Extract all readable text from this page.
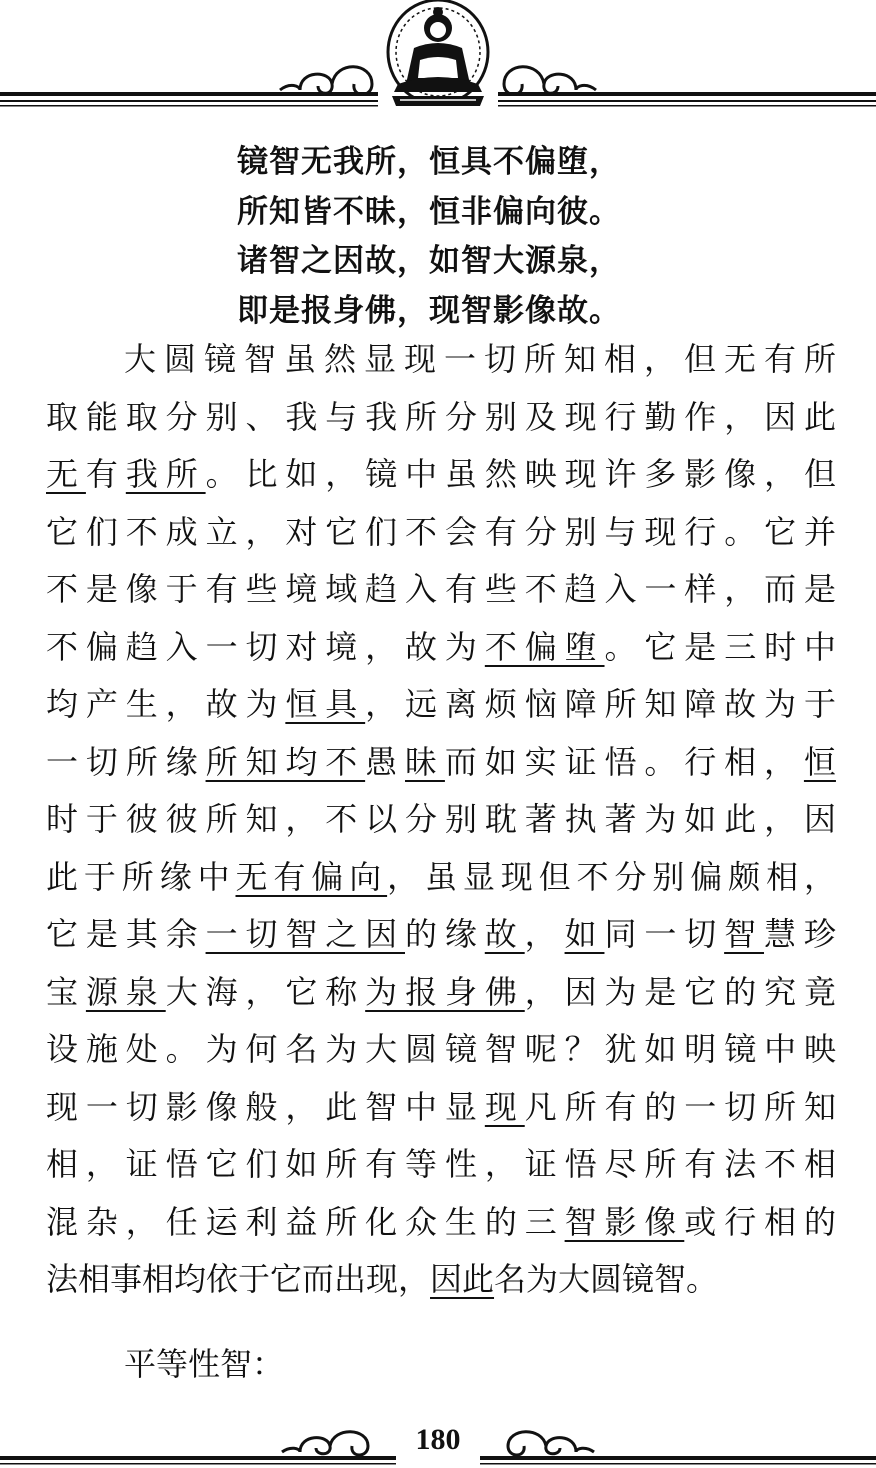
镜智无我所，恒具不偏堕，
所知皆不昧，恒非偏向彼。
诸智之因故，如智大源泉，
即是报身佛，现智影像故。
大圆镜智虽然显现一切所知相，但无有所
取能取分别、我与我所分别及现行勤作，因此
无有我所。比如，镜中虽然映现许多影像，但
它们不成立，对它们不会有分别与现行。它并
不是像于有些境域趋入有些不趋入一样，而是
不偏趋入一切对境，故为不偏堕。它是三时中
均产生，故为恒具，远离烦恼障所知障故为于
一切所缘所知均不愚昧而如实证悟。行相，恒
时于彼彼所知，不以分别耽著执著为如此，因
此于所缘中无有偏向，虽显现但不分别偏颇相，
它是其余一切智之因的缘故，如同一切智慧珍
宝源泉大海，它称为报身佛，因为是它的究竟
设施处。为何名为大圆镜智呢？犹如明镜中映
现一切影像般，此智中显现凡所有的一切所知
相，证悟它们如所有等性，证悟尽所有法不相
混杂，任运利益所化众生的三智影像或行相的
法相事相均依于它而出现，因此名为大圆镜智。
平等性智：
180
